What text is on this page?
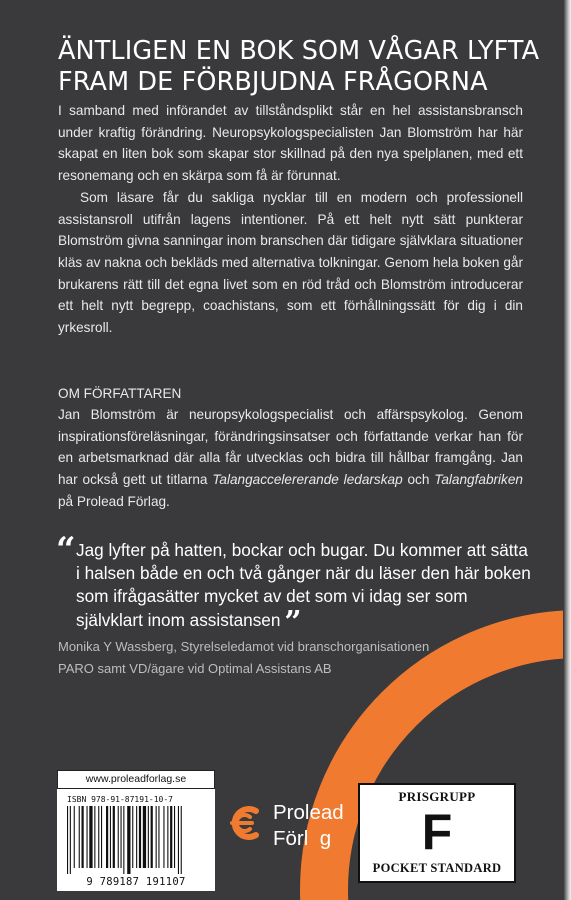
ÄNTLIGEN EN BOK SOM VÅGAR LYFTA
FRAM DE FÖRBJUDNA FRÅGORNA

I samband med införandet av tillståndsplikt står en hel assistansbransch under kraftig förändring. Neuropsykologspecialisten Jan Blomström har här skapat en liten bok som skapar stor skillnad på den nya spelplanen, med ett resonemang och en skärpa som få är förunnat.

Som läsare får du sakliga nycklar till en modern och professionell assistansroll utifrån lagens intentioner. På ett helt nytt sätt punkterar Blomström givna sanningar inom branschen där tidigare självklara situationer kläs av nakna och bekläds med alternativa tolkningar. Genom hela boken går brukarens rätt till det egna livet som en röd tråd och Blomström introducerar ett helt nytt begrepp, coachistans, som ett förhållningssätt för dig i din yrkesroll.

OM FÖRFATTAREN
Jan Blomström är neuropsykologspecialist och affärspsykolog. Genom inspirationsföreläsningar, förändringsinsatser och författande verkar han för en arbetsmarknad där alla får utvecklas och bidra till hållbar framgång. Jan har också gett ut titlarna Talangaccelererande ledarskap och Talangfabriken på Prolead Förlag.
“ Jag lyfter på hatten, bockar och bugar. Du kommer att sätta i halsen både en och två gånger när du läser den här boken som ifrågasätter mycket av det som vi idag ser som självklart inom assistansen ”
Monika Y Wassberg, Styrelseledamot vid branschorganisationen
PARO samt VD/ägare vid Optimal Assistans AB
www.proleadforlag.se
ISBN 978-91-87191-10-7
9 789187 191107
Prolead
Förlag
PRISGRUPP
F
POCKET STANDARD
